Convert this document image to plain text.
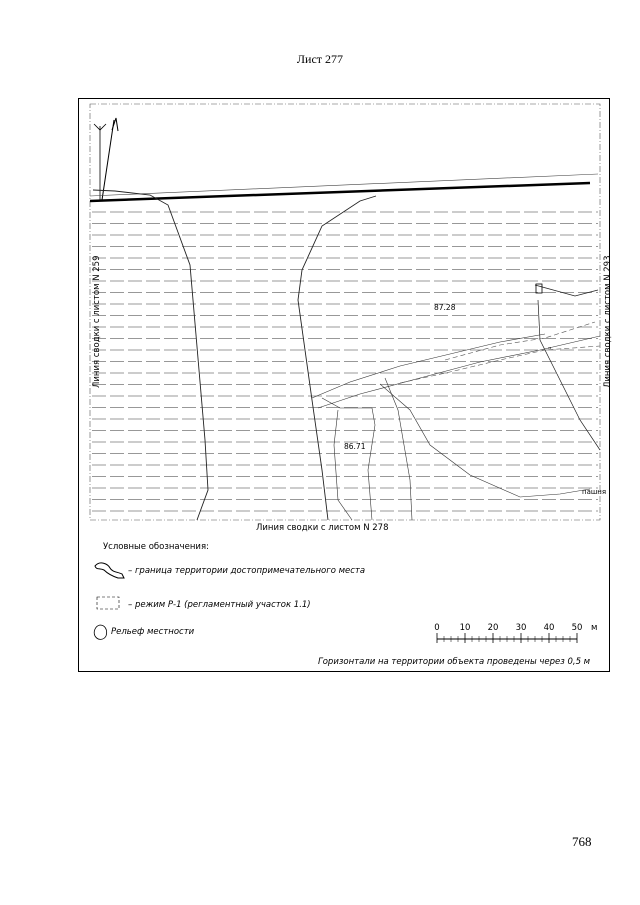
Лист 277
"
87.28
86.71
пашня
Линия сводки с листом N 278
Линия сводки с листом N 259	Линия сводки с листом N 293
0 10 20 30 40 50 м
Условные обозначения:
– граница территории достопримечательного места
– режим Р-1 (регламентный участок 1.1)
Рельеф местности
Горизонтали на территории объекта проведены через 0,5 м
768
